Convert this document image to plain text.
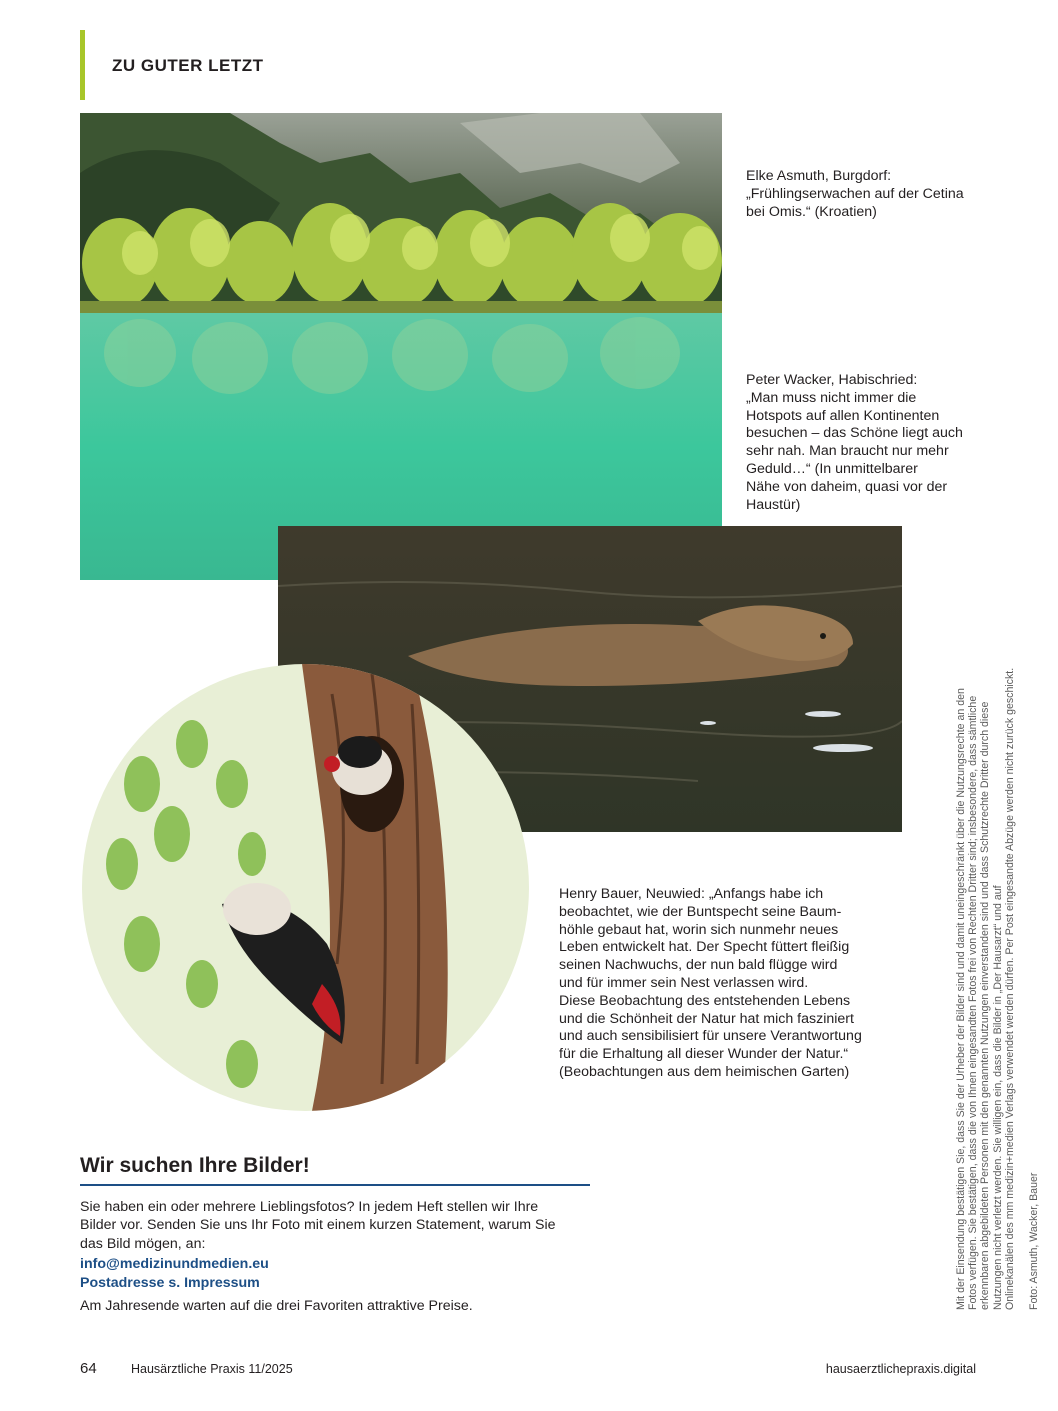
ZU GUTER LETZT
Elke Asmuth, Burgdorf:
„Frühlingserwachen auf der Cetina
bei Omis.“ (Kroatien)
Peter Wacker, Habischried:
„Man muss nicht immer die
Hotspots auf allen Kontinenten
besuchen – das Schöne liegt auch
sehr nah. Man braucht nur mehr
Geduld…“ (In unmittelbarer
Nähe von daheim, quasi vor der
Haustür)
Henry Bauer, Neuwied: „Anfangs habe ich
beobachtet, wie der Buntspecht seine Baum-
höhle gebaut hat, worin sich nunmehr neues
Leben entwickelt hat. Der Specht füttert fleißig
seinen Nachwuchs, der nun bald flügge wird
und für immer sein Nest verlassen wird.
Diese Beobachtung des entstehenden Lebens
und die Schönheit der Natur hat mich fasziniert
und auch sensibilisiert für unsere Verantwortung
für die Erhaltung all dieser Wunder der Natur.“
(Beobachtungen aus dem heimischen Garten)
Wir suchen Ihre Bilder!
Sie haben ein oder mehrere Lieblingsfotos? In jedem Heft stellen wir Ihre
Bilder vor. Senden Sie uns Ihr Foto mit einem kurzen Statement, warum Sie
das Bild mögen, an:
info@medizinundmedien.eu
Postadresse s. Impressum
Am Jahresende warten auf die drei Favoriten attraktive Preise.	Mit der Einsendung bestätigen Sie, dass Sie der Urheber der Bilder sind und damit uneingeschränkt über die Nutzungsrechte an den Fotos verfügen. Sie bestätigen, dass die von Ihnen eingesandten Fotos frei von Rechten Dritter sind; insbesondere, dass sämtliche erkennbaren abgebildeten Personen mit den genannten Nutzungen einverstanden sind und dass Schutzrechte Dritter durch diese Nutzungen nicht verletzt werden. Sie willigen ein, dass die Bilder in „Der Hausarzt“ und auf Onlinekanälen des mm medizin+medien Verlags verwendet werden dürfen. Per Post eingesandte Abzüge werden nicht zurück geschickt. Foto: Asmuth, Wacker, Bauer
64	Hausärztliche Praxis 11/2025	hausaerztlichepraxis.digital
